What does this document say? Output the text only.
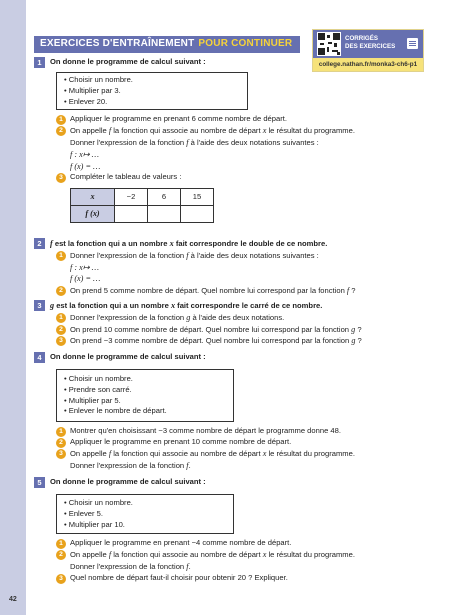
EXERCICES D'ENTRAÎNEMENT POUR CONTINUER	CORRIGÉS
DES EXERCICES
college.nathan.fr/monka3-ch6-p1
1	On donne le programme de calcul suivant :
• Choisir un nombre.
• Multiplier par 3.
• Enlever 20.
1 Appliquer le programme en prenant 6 comme nombre de départ.
2 On appelle f la fonction qui associe au nombre de départ x le résultat du programme.
Donner l'expression de la fonction f à l'aide des deux notations suivantes :
f : x↦ …
f (x) = …
3 Compléter le tableau de valeurs :
x	−2	6	15
f (x)			
2	f est la fonction qui a un nombre x fait correspondre le double de ce nombre.
1 Donner l'expression de la fonction f à l'aide des deux notations suivantes :
f : x↦ …
f (x) = …
2 On prend 5 comme nombre de départ. Quel nombre lui correspond par la fonction f ?
3	g est la fonction qui a un nombre x fait correspondre le carré de ce nombre.
1 Donner l'expression de la fonction g à l'aide des deux notations.
2 On prend 10 comme nombre de départ. Quel nombre lui correspond par la fonction g ?
3 On prend −3 comme nombre de départ. Quel nombre lui correspond par la fonction g ?
4	On donne le programme de calcul suivant :
• Choisir un nombre.
• Prendre son carré.
• Multiplier par 5.
• Enlever le nombre de départ.
1 Montrer qu'en choisissant −3 comme nombre de départ le programme donne 48.
2 Appliquer le programme en prenant 10 comme nombre de départ.
3 On appelle f la fonction qui associe au nombre de départ x le résultat du programme.
Donner l'expression de la fonction f.
5	On donne le programme de calcul suivant :
• Choisir un nombre.
• Enlever 5.
• Multiplier par 10.
1 Appliquer le programme en prenant −4 comme nombre de départ.
2 On appelle f la fonction qui associe au nombre de départ x le résultat du programme.
Donner l'expression de la fonction f.
3 Quel nombre de départ faut-il choisir pour obtenir 20 ? Expliquer.
42
